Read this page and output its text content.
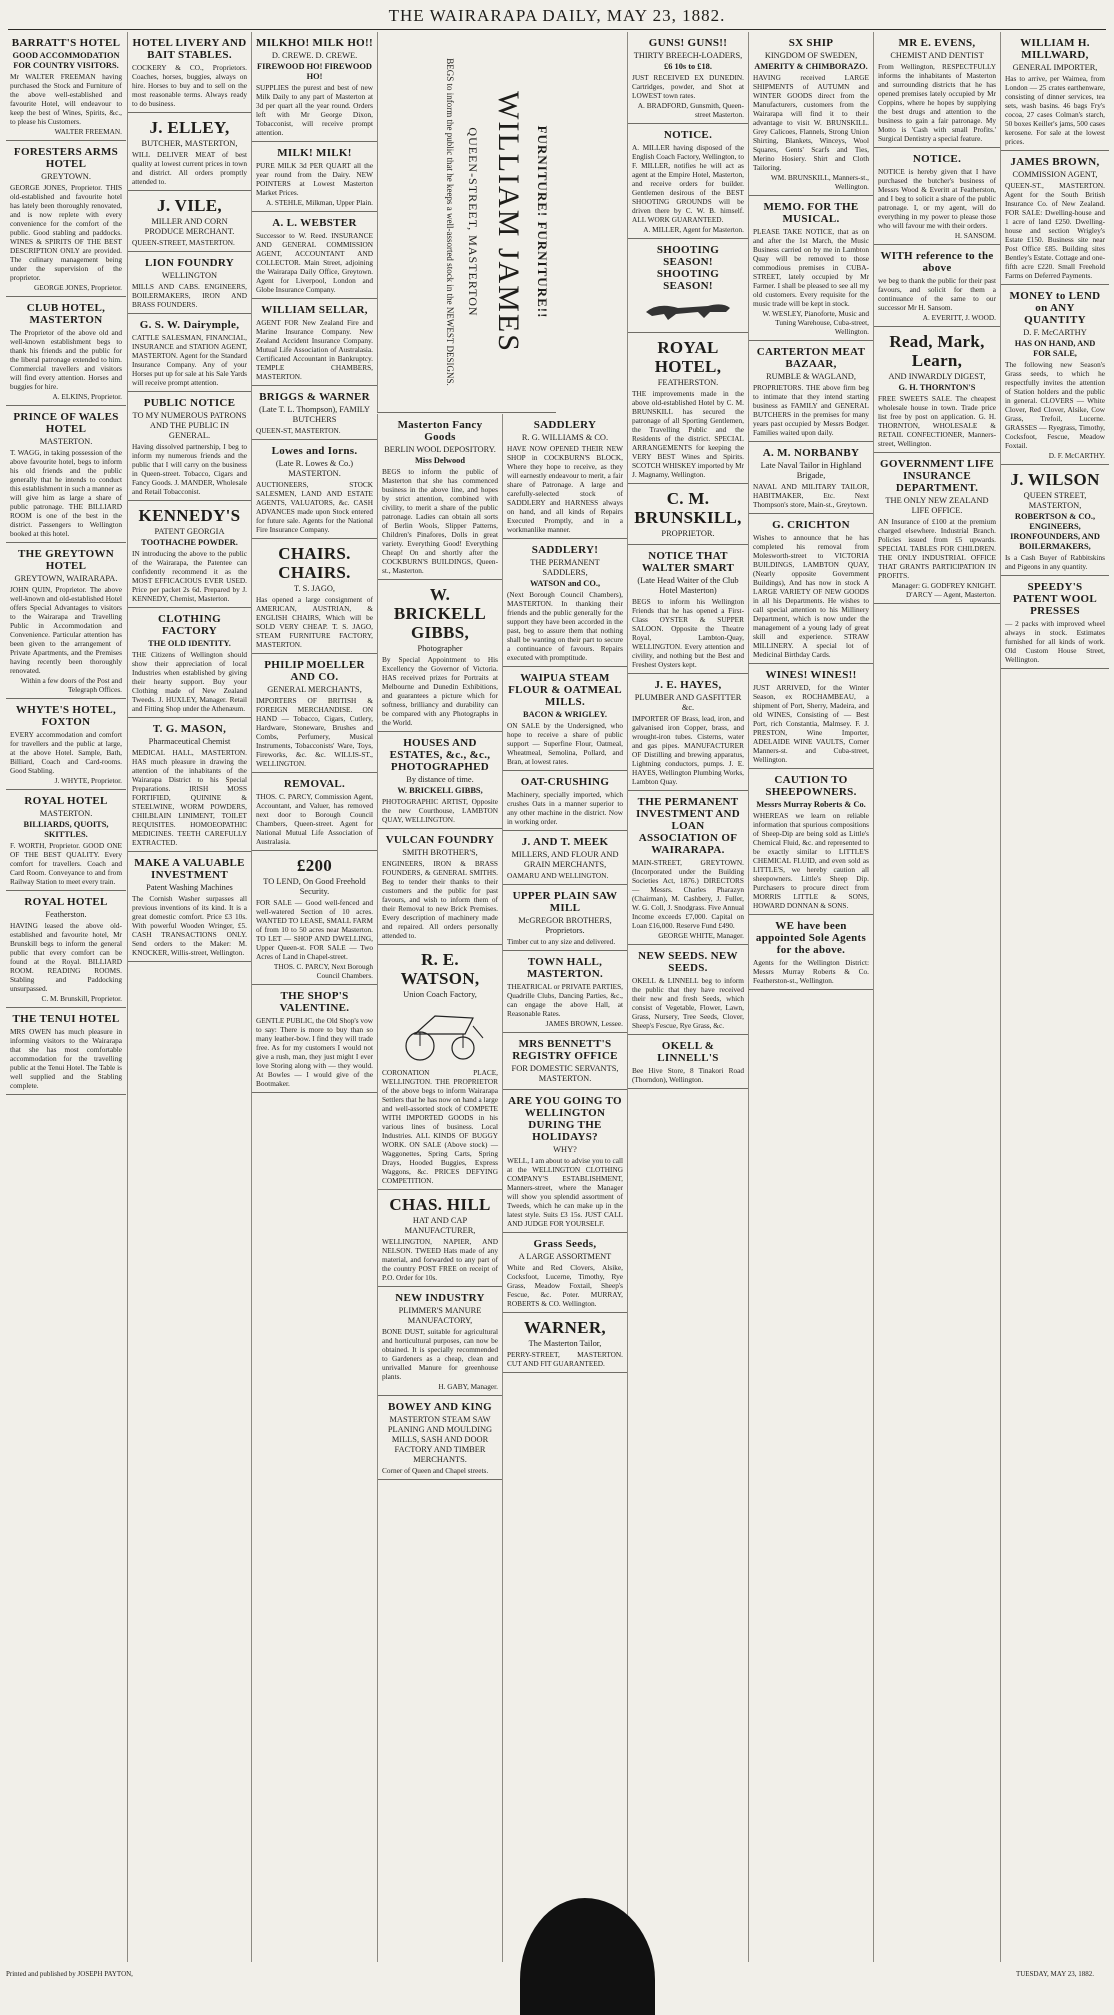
THE WAIRARAPA DAILY, MAY 23, 1882.
BARRATT'S HOTEL
GOOD ACCOMMODATION FOR COUNTRY VISITORS.

Mr WALTER FREEMAN having purchased the Stock and Furniture of the above well-established and favourite Hotel, will endeavour to keep the best of Wines, Spirits, &c., to please his Customers.

WALTER FREEMAN.
FORESTERS ARMS HOTEL
GREYTOWN.

GEORGE JONES, Proprietor. THIS old-established and favourite hotel has lately been thoroughly renovated, and is now replete with every convenience for the comfort of the public. Good stabling and paddocks. WINES & SPIRITS OF THE BEST DESCRIPTION ONLY are provided. The culinary management being under the supervision of the proprietor.

GEORGE JONES, Proprietor.
CLUB HOTEL, MASTERTON

The Proprietor of the above old and well-known establishment begs to thank his friends and the public for the liberal patronage extended to him. Commercial travellers and visitors will find every attention. Horses and buggies for hire.

A. ELKINS, Proprietor.
PRINCE OF WALES HOTEL
MASTERTON.

T. WAGG, in taking possession of the above favourite hotel, begs to inform his old friends and the public generally that he intends to conduct this establishment in such a manner as will give him as large a share of public patronage. THE BILLIARD ROOM is one of the best in the district. Passengers to Wellington booked at this hotel.

THE GREYTOWN HOTEL
GREYTOWN, WAIRARAPA.

JOHN QUIN, Proprietor. The above well-known and old-established Hotel offers Special Advantages to visitors to the Wairarapa and Travelling Public in Accommodation and Convenience. Particular attention has been given to the arrangement of Private Apartments, and the Premises having recently been thoroughly renovated.

Within a few doors of the Post and Telegraph Offices.
WHYTE'S HOTEL, FOXTON

EVERY accommodation and comfort for travellers and the public at large, at the above Hotel. Sample, Bath, Billiard, Coach and Card-rooms. Good Stabling.

J. WHYTE, Proprietor.
ROYAL HOTEL
MASTERTON.
BILLIARDS, QUOITS, SKITTLES.

F. WORTH, Proprietor. GOOD ONE OF THE BEST QUALITY. Every comfort for travellers. Coach and Card Room. Conveyance to and from Railway Station to meet every train.

ROYAL HOTEL
Featherston.

HAVING leased the above old-established and favourite hotel, Mr Brunskill begs to inform the general public that every comfort can be found at the Royal. BILLIARD ROOM. READING ROOMS. Stabling and Paddocking unsurpassed.

C. M. Brunskill, Proprietor.
THE TENUI HOTEL

MRS OWEN has much pleasure in informing visitors to the Wairarapa that she has most comfortable accommodation for the travelling public at the Tenui Hotel. The Table is well supplied and the Stabling complete.

HOTEL LIVERY AND BAIT STABLES.

COCKERY & CO., Proprietors. Coaches, horses, buggies, always on hire. Horses to buy and to sell on the most reasonable terms. Always ready to do business.

J. ELLEY,
BUTCHER, MASTERTON,

WILL DELIVER MEAT of best quality at lowest current prices in town and district. All orders promptly attended to.

J. VILE,
MILLER AND CORN PRODUCE MERCHANT.

QUEEN-STREET, MASTERTON.

LION FOUNDRY
WELLINGTON

MILLS AND CABS. ENGINEERS, BOILERMAKERS, IRON AND BRASS FOUNDERS.

G. S. W. Dairymple,

CATTLE SALESMAN, FINANCIAL, INSURANCE and STATION AGENT, MASTERTON. Agent for the Standard Insurance Company. Any of your Horses put up for sale at his Sale Yards will receive prompt attention.

PUBLIC NOTICE
TO MY NUMEROUS PATRONS AND THE PUBLIC IN GENERAL.

Having dissolved partnership, I beg to inform my numerous friends and the public that I will carry on the business in Queen-street. Tobacco, Cigars and Fancy Goods. J. MANDER, Wholesale and Retail Tobacconist.

KENNEDY'S
PATENT GEORGIA
TOOTHACHE POWDER.

IN introducing the above to the public of the Wairarapa, the Patentee can confidently recommend it as the MOST EFFICACIOUS EVER USED. Price per packet 2s 6d. Prepared by J. KENNEDY, Chemist, Masterton.

CLOTHING FACTORY
THE OLD IDENTITY.

THE Citizens of Wellington should show their appreciation of local Industries when established by giving their hearty support. Buy your Clothing made of New Zealand Tweeds. J. HUXLEY, Manager. Retail and Fitting Shop under the Athenæum.

T. G. MASON,
Pharmaceutical Chemist

MEDICAL HALL, MASTERTON. HAS much pleasure in drawing the attention of the inhabitants of the Wairarapa District to his Special Preparations. IRISH MOSS FORTIFIED, QUININE & STEELWINE, WORM POWDERS, CHILBLAIN LINIMENT, TOILET REQUISITES. HOMOEOPATHIC MEDICINES. TEETH CAREFULLY EXTRACTED.

MAKE A VALUABLE INVESTMENT
Patent Washing Machines

The Cornish Washer surpasses all previous inventions of its kind. It is a great domestic comfort. Price £3 10s. With powerful Wooden Wringer, £5. CASH TRANSACTIONS ONLY. Send orders to the Maker: M. KNOCKER, Willis-street, Wellington.

MILKHO! MILK HO!!
D. CREWE. D. CREWE.
FIREWOOD HO! FIREWOOD HO!

SUPPLIES the purest and best of new Milk Daily to any part of Masterton at 3d per quart all the year round. Orders left with Mr George Dixon, Tobacconist, will receive prompt attention.

MILK! MILK!

PURE MILK 3d PER QUART all the year round from the Dairy. NEW POINTERS at Lowest Masterton Market Prices.

A. STEHLE, Milkman, Upper Plain.
A. L. WEBSTER

Successor to W. Reed. INSURANCE AND GENERAL COMMISSION AGENT, ACCOUNTANT AND COLLECTOR. Main Street, adjoining the Wairarapa Daily Office, Greytown. Agent for Liverpool, London and Globe Insurance Company.

WILLIAM SELLAR,

AGENT FOR New Zealand Fire and Marine Insurance Company. New Zealand Accident Insurance Company. Mutual Life Association of Australasia. Certificated Accountant in Bankruptcy. TEMPLE CHAMBERS, MASTERTON.

BRIGGS & WARNER
(Late T. L. Thompson), FAMILY BUTCHERS

QUEEN-ST, MASTERTON.

Lowes and Iorns.
(Late R. Lowes & Co.) MASTERTON.

AUCTIONEERS, STOCK SALESMEN, LAND AND ESTATE AGENTS, VALUATORS, &c. CASH ADVANCES made upon Stock entered for future sale. Agents for the National Fire Insurance Company.

CHAIRS. CHAIRS.
T. S. JAGO,

Has opened a large consignment of AMERICAN, AUSTRIAN, & ENGLISH CHAIRS, Which will be SOLD VERY CHEAP. T. S. JAGO, STEAM FURNITURE FACTORY, MASTERTON.

PHILIP MOELLER AND CO.
GENERAL MERCHANTS,

IMPORTERS OF BRITISH & FOREIGN MERCHANDISE. ON HAND — Tobacco, Cigars, Cutlery, Hardware, Stoneware, Brushes and Combs, Perfumery, Musical Instruments, Tobacconists' Ware, Toys, Fireworks, &c. &c. WILLIS-ST., WELLINGTON.

REMOVAL.

THOS. C. PARCY, Commission Agent, Accountant, and Valuer, has removed next door to Borough Council Chambers, Queen-street. Agent for National Mutual Life Association of Australasia.

£200
TO LEND, On Good Freehold Security.

FOR SALE — Good well-fenced and well-watered Section of 10 acres. WANTED TO LEASE, SMALL FARM of from 10 to 50 acres near Masterton. TO LET — SHOP AND DWELLING, Upper Queen-st. FOR SALE — Two Acres of Land in Chapel-street.

THOS. C. PARCY, Next Borough Council Chambers.
THE SHOP'S VALENTINE.

GENTLE PUBLIC, the Old Shop's vow to say: There is more to buy than so many leather-bow. I find they will trade free. As for my customers I would not give a rush, man, they just might I ever love Storing along with — they would. At Bowles — I would give of the Bootmaker.

FURNITURE! FURNITURE!!
WILLIAM JAMES
QUEEN-STREET, MASTERTON
BEGS to inform the public that he keeps a well-assorted stock in the NEWEST DESIGNS.
Masterton Fancy Goods
BERLIN WOOL DEPOSITORY.
Miss Delwood

BEGS to inform the public of Masterton that she has commenced business in the above line, and hopes by strict attention, combined with civility, to merit a share of the public patronage. Ladies can obtain all sorts of Berlin Wools, Slipper Patterns, Children's Pinafores, Dolls in great variety. Everything Good! Everything Cheap! On and shortly after the COCKBURN'S BUILDINGS, Queen-st., Masterton.

W. BRICKELL GIBBS,
Photographer

By Special Appointment to His Excellency the Governor of Victoria. HAS received prizes for Portraits at Melbourne and Dunedin Exhibitions, and guarantees a picture which for softness, brilliancy and durability can be compared with any Photographs in the World.

HOUSES AND ESTATES, &c., &c., PHOTOGRAPHED
By distance of time.
W. BRICKELL GIBBS,

PHOTOGRAPHIC ARTIST, Opposite the new Courthouse, LAMBTON QUAY, WELLINGTON.

VULCAN FOUNDRY
SMITH BROTHER'S,

ENGINEERS, IRON & BRASS FOUNDERS, & GENERAL SMITHS. Beg to tender their thanks to their customers and the public for past favours, and wish to inform them of their Removal to new Brick Premises. Every description of machinery made and repaired. All orders personally attended to.

R. E. WATSON,
Union Coach Factory,

CORONATION PLACE, WELLINGTON. THE PROPRIETOR of the above begs to inform Wairarapa Settlers that he has now on hand a large and well-assorted stock of COMPETE WITH IMPORTED GOODS in his various lines of business. Local Industries. ALL KINDS OF BUGGY WORK. ON SALE (Above stock) — Waggonettes, Spring Carts, Spring Drays, Hooded Buggies, Express Waggons, &c. PRICES DEFYING COMPETITION.

CHAS. HILL
HAT AND CAP MANUFACTURER,

WELLINGTON, NAPIER, AND NELSON. TWEED Hats made of any material, and forwarded to any part of the country POST FREE on receipt of P.O. Order for 10s.

NEW INDUSTRY
PLIMMER'S MANURE MANUFACTORY,

BONE DUST, suitable for agricultural and horticultural purposes, can now be obtained. It is specially recommended to Gardeners as a cheap, clean and unrivalled Manure for greenhouse plants.

H. GABY, Manager.
BOWEY AND KING
MASTERTON STEAM SAW PLANING AND MOULDING MILLS, SASH AND DOOR FACTORY AND TIMBER MERCHANTS.

Corner of Queen and Chapel streets.

SADDLERY
R. G. WILLIAMS & CO.

HAVE NOW OPENED THEIR NEW SHOP in COCKBURN'S BLOCK, Where they hope to receive, as they will earnestly endeavour to merit, a fair share of Patronage. A large and carefully-selected stock of SADDLERY and HARNESS always on hand, and all kinds of Repairs Executed Promptly, and in a workmanlike manner.

SADDLERY!
THE PERMANENT SADDLERS,
WATSON and CO.,

(Next Borough Council Chambers), MASTERTON. In thanking their friends and the public generally for the support they have been accorded in the past, beg to assure them that nothing shall be wanting on their part to secure a continuance of favours. Repairs executed with promptitude.

WAIPUA STEAM FLOUR & OATMEAL MILLS.
BACON & WRIGLEY.

ON SALE by the Undersigned, who hope to receive a share of public support — Superfine Flour, Oatmeal, Wheatmeal, Semolina, Pollard, and Bran, at lowest rates.

OAT-CRUSHING

Machinery, specially imported, which crushes Oats in a manner superior to any other machine in the district. Now in working order.

J. AND T. MEEK
MILLERS, AND FLOUR AND GRAIN MERCHANTS,

OAMARU AND WELLINGTON.

UPPER PLAIN SAW MILL
McGREGOR BROTHERS, Proprietors.

Timber cut to any size and delivered.

TOWN HALL, MASTERTON.

THEATRICAL or PRIVATE PARTIES, Quadrille Clubs, Dancing Parties, &c., can engage the above Hall, at Reasonable Rates.

JAMES BROWN, Lessee.
MRS BENNETT'S REGISTRY OFFICE
FOR DOMESTIC SERVANTS, MASTERTON.
ARE YOU GOING TO WELLINGTON DURING THE HOLIDAYS?
WHY?

WELL, I am about to advise you to call at the WELLINGTON CLOTHING COMPANY'S ESTABLISHMENT, Manners-street, where the Manager will show you splendid assortment of Tweeds, which he can make up in the latest style. Suits £3 15s. JUST CALL AND JUDGE FOR YOURSELF.

Grass Seeds,
A LARGE ASSORTMENT

White and Red Clovers, Alsike, Cocksfoot, Lucerne, Timothy, Rye Grass, Meadow Foxtail, Sheep's Fescue, &c. Poter. MURRAY, ROBERTS & CO. Wellington.

WARNER,
The Masterton Tailor,

PERRY-STREET, MASTERTON. CUT AND FIT GUARANTEED.

GUNS! GUNS!!
THIRTY BREECH-LOADERS,
£6 10s to £18.

JUST RECEIVED EX DUNEDIN. Cartridges, powder, and Shot at LOWEST town rates.

A. BRADFORD, Gunsmith, Queen-street Masterton.
NOTICE.

A. MILLER having disposed of the English Coach Factory, Wellington, to F. MILLER, notifies he will act as agent at the Empire Hotel, Masterton, and receive orders for builder. Gentlemen desirous of the BEST SHOOTING GROUNDS will be driven there by C. W. B. himself. ALL WORK GUARANTEED.

A. MILLER, Agent for Masterton.
SHOOTING SEASON! SHOOTING SEASON!
ROYAL HOTEL,
FEATHERSTON.

THE improvements made in the above old-established Hotel by C. M. BRUNSKILL has secured the patronage of all Sporting Gentlemen, the Travelling Public and the Residents of the district. SPECIAL ARRANGEMENTS for keeping the VERY BEST Wines and Spirits. SCOTCH WHISKEY imported by Mr J. Magnamy, Wellington.

C. M. BRUNSKILL,
PROPRIETOR.
NOTICE THAT WALTER SMART
(Late Head Waiter of the Club Hotel Masterton)

BEGS to inform his Wellington Friends that he has opened a First-Class OYSTER & SUPPER SALOON. Opposite the Theatre Royal, Lambton-Quay, WELLINGTON. Every attention and civility, and nothing but the Best and Freshest Oysters kept.

J. E. HAYES,
PLUMBER AND GASFITTER &c.

IMPORTER OF Brass, lead, iron, and galvanised iron Copper, brass, and wrought-iron tubes. Cisterns, water and gas pipes. MANUFACTURER OF Distilling and brewing apparatus, Lightning conductors, pumps. J. E. HAYES, Wellington Plumbing Works, Lambton Quay.

THE PERMANENT INVESTMENT AND LOAN ASSOCIATION OF WAIRARAPA.

MAIN-STREET, GREYTOWN. (Incorporated under the Building Societies Act, 1876.) DIRECTORS — Messrs. Charles Pharazyn (Chairman), M. Cashbery, J. Fuller, W. G. Coll, J. Snodgrass. Five Annual Income exceeds £7,000. Capital on Loan £16,000. Reserve Fund £490.

GEORGE WHITE, Manager.
NEW SEEDS. NEW SEEDS.

OKELL & LINNELL beg to inform the public that they have received their new and fresh Seeds, which consist of Vegetable, Flower, Lawn, Grass, Nursery, Tree Seeds, Clover, Sheep's Fescue, Rye Grass, &c.

OKELL & LINNELL'S

Bee Hive Store, 8 Tinakori Road (Thorndon), Wellington.

SX SHIP
KINGDOM OF SWEDEN,
AMERITY & CHIMBORAZO.

HAVING received LARGE SHIPMENTS of AUTUMN and WINTER GOODS direct from the Manufacturers, customers from the Wairarapa will find it to their advantage to visit W. BRUNSKILL. Grey Calicoes, Flannels, Strong Union Shirting, Blankets, Winceys, Wool Squares, Gents' Scarfs and Ties, Merino Hosiery. Shirt and Cloth Tailoring.

WM. BRUNSKILL, Manners-st., Wellington.
MEMO. FOR THE MUSICAL.

PLEASE TAKE NOTICE, that as on and after the 1st March, the Music Business carried on by me in Lambton Quay will be removed to those commodious premises in CUBA-STREET, lately occupied by Mr Farmer. I shall be pleased to see all my old customers. Every requisite for the music trade will be kept in stock.

W. WESLEY, Pianoforte, Music and Tuning Warehouse, Cuba-street, Wellington.
CARTERTON MEAT BAZAAR,
RUMBLE & WAGLAND,

PROPRIETORS. THE above firm beg to intimate that they intend starting business as FAMILY and GENERAL BUTCHERS in the premises for many years past occupied by Messrs Bodger. Families waited upon daily.

A. M. NORBANBY
Late Naval Tailor in Highland Brigade,

NAVAL AND MILITARY TAILOR, HABITMAKER, Etc. Next Thompson's store, Main-st., Greytown.

G. CRICHTON

Wishes to announce that he has completed his removal from Molesworth-street to VICTORIA BUILDINGS, LAMBTON QUAY, (Nearly opposite Government Buildings), And has now in stock A LARGE VARIETY OF NEW GOODS in all his Departments. He wishes to call special attention to his Millinery Department, which is now under the management of a young lady of great skill and experience. STRAW MILLINERY. A special lot of Medicinal Birthday Cards.

WINES! WINES!!

JUST ARRIVED, for the Winter Season, ex ROCHAMBEAU, a shipment of Port, Sherry, Madeira, and old WINES, Consisting of — Best Port, rich Constantia, Malmsey. F. J. PRESTON, Wine Importer, ADELAIDE WINE VAULTS, Corner Manners-st. and Cuba-street, Wellington.

CAUTION TO SHEEPOWNERS.
Messrs Murray Roberts & Co.

WHEREAS we learn on reliable information that spurious compositions of Sheep-Dip are being sold as Little's Chemical Fluid, &c. and represented to be exactly similar to LITTLE'S CHEMICAL FLUID, and even sold as LITTLE'S, we hereby caution all sheepowners. Little's Sheep Dip. Purchasers to procure direct from MORRIS LITTLE & SONS, HOWARD DONNAN & SONS.

WE have been appointed Sole Agents for the above.

Agents for the Wellington District: Messrs Murray Roberts & Co. Featherston-st., Wellington.

MR E. EVENS,
CHEMIST AND DENTIST

From Wellington, RESPECTFULLY informs the inhabitants of Masterton and surrounding districts that he has opened premises lately occupied by Mr Coppins, where he hopes by supplying the best drugs and attention to the business to gain a fair patronage. My Motto is 'Cash with small Profits.' Surgical Dentistry a special feature.

NOTICE.

NOTICE is hereby given that I have purchased the butcher's business of Messrs Wood & Everitt at Featherston, and I beg to solicit a share of the public patronage. I, or my agent, will do everything in my power to please those who will favour me with their orders.

H. SANSOM.
WITH reference to the above

we beg to thank the public for their past favours, and solicit for them a continuance of the same to our successor Mr H. Sansom.

A. EVERITT, J. WOOD.
Read, Mark, Learn,
AND INWARDLY DIGEST,
G. H. THORNTON'S

FREE SWEETS SALE. The cheapest wholesale house in town. Trade price list free by post on application. G. H. THORNTON, WHOLESALE & RETAIL CONFECTIONER, Manners-street, Wellington.

GOVERNMENT LIFE INSURANCE DEPARTMENT.
THE ONLY NEW ZEALAND LIFE OFFICE.

AN Insurance of £100 at the premium charged elsewhere. Industrial Branch. Policies issued from £5 upwards. SPECIAL TABLES FOR CHILDREN. THE ONLY INDUSTRIAL OFFICE THAT GRANTS PARTICIPATION IN PROFITS.

Manager: G. GODFREY KNIGHT. D'ARCY — Agent, Masterton.
WILLIAM H. MILLWARD,
GENERAL IMPORTER,

Has to arrive, per Waimea, from London — 25 crates earthenware, consisting of dinner services, tea sets, wash basins. 46 bags Fry's cocoa, 27 cases Colman's starch, 50 boxes Keiller's jams, 500 cases kerosene. For sale at the lowest prices.

JAMES BROWN,
COMMISSION AGENT,

QUEEN-ST., MASTERTON. Agent for the South British Insurance Co. of New Zealand. FOR SALE: Dwelling-house and 1 acre of land £250. Dwelling-house and section Wrigley's Estate £150. Business site near Post Office £85. Building sites Bentley's Estate. Cottage and one-fifth acre £220. Small Freehold Farms on Deferred Payments.

MONEY to LEND on ANY QUANTITY
D. F. McCARTHY
HAS ON HAND, AND FOR SALE,

The following new Season's Grass seeds, to which he respectfully invites the attention of Station holders and the public in general. CLOVERS — White Clover, Red Clover, Alsike, Cow Grass, Trefoil, Lucerne. GRASSES — Ryegrass, Timothy, Cocksfoot, Fescue, Meadow Foxtail.

D. F. McCARTHY.
J. WILSON
QUEEN STREET, MASTERTON,
ROBERTSON & CO., ENGINEERS, IRONFOUNDERS, AND BOILERMAKERS,

Is a Cash Buyer of Rabbitskins and Pigeons in any quantity.

SPEEDY'S PATENT WOOL PRESSES

— 2 packs with improved wheel always in stock. Estimates furnished for all kinds of work. Old Custom House Street, Wellington.

Printed and published by JOSEPH PAYTON,	TUESDAY, MAY 23, 1882.
